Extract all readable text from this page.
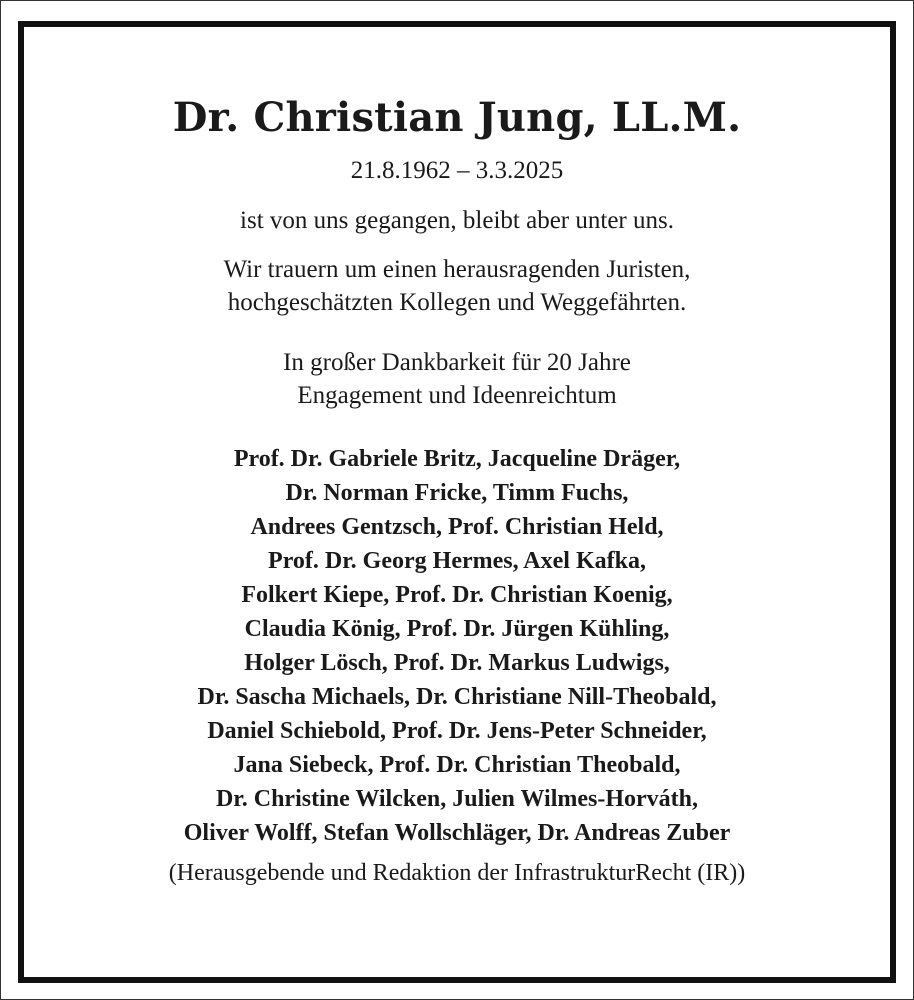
Dr. Christian Jung, LL.M.

21.8.1962 – 3.3.2025

ist von uns gegangen, bleibt aber unter uns.

Wir trauern um einen herausragenden Juristen,

hochgeschätzten Kollegen und Weggefährten.

In großer Dankbarkeit für 20 Jahre

Engagement und Ideenreichtum

Prof. Dr. Gabriele Britz, Jacqueline Dräger,
Dr. Norman Fricke, Timm Fuchs,
Andrees Gentzsch, Prof. Christian Held,
Prof. Dr. Georg Hermes, Axel Kafka,
Folkert Kiepe, Prof. Dr. Christian Koenig,
Claudia König, Prof. Dr. Jürgen Kühling,
Holger Lösch, Prof. Dr. Markus Ludwigs,
Dr. Sascha Michaels, Dr. Christiane Nill-Theobald,
Daniel Schiebold, Prof. Dr. Jens-Peter Schneider,
Jana Siebeck, Prof. Dr. Christian Theobald,
Dr. Christine Wilcken, Julien Wilmes-Horváth,
Oliver Wolff, Stefan Wollschläger, Dr. Andreas Zuber

(Herausgebende und Redaktion der InfrastrukturRecht (IR))
